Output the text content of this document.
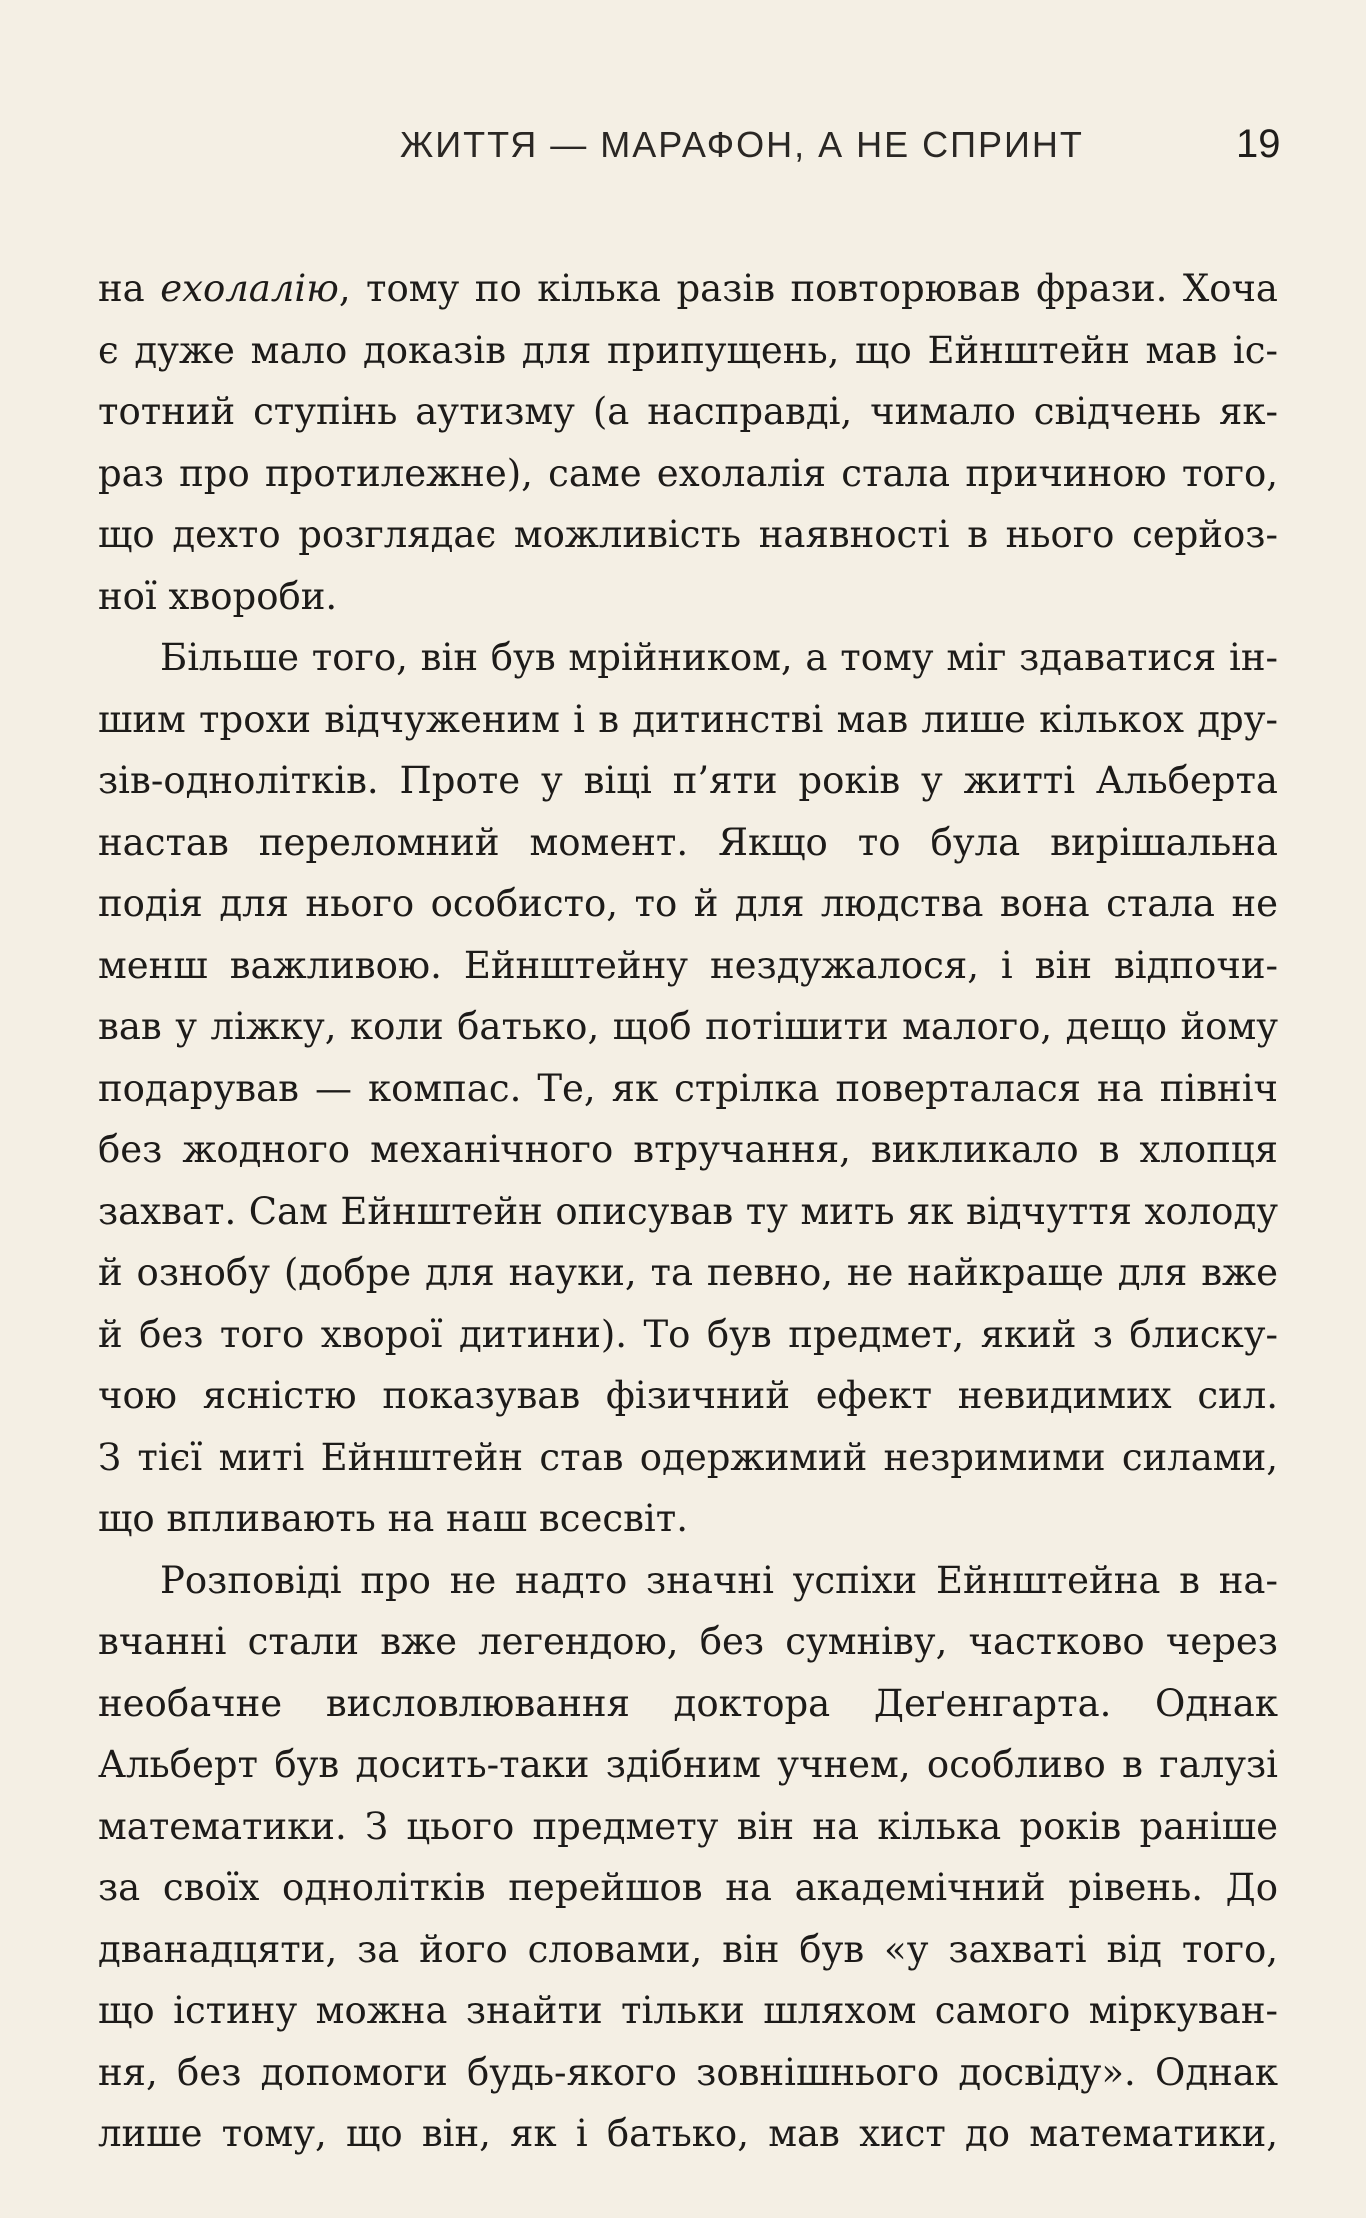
ЖИТТЯ — МАРАФОН, А НЕ СПРИНТ	19
на ехолалію, тому по кілька разів повторював фрази. Хоча
є дуже мало доказів для припущень, що Ейнштейн мав іс-
тотний ступінь аутизму (а насправді, чимало свідчень як-
раз про протилежне), саме ехолалія стала причиною того,
що дехто розглядає можливість наявності в нього серйоз-
ної хвороби.
Більше того, він був мрійником, а тому міг здаватися ін-
шим трохи відчуженим і в дитинстві мав лише кількох дру-
зів-однолітків. Проте у віці п’яти років у житті Альберта
настав переломний момент. Якщо то була вирішальна
подія для нього особисто, то й для людства вона стала не
менш важливою. Ейнштейну нездужалося, і він відпочи-
вав у ліжку, коли батько, щоб потішити малого, дещо йому
подарував — компас. Те, як стрілка поверталася на північ
без жодного механічного втручання, викликало в хлопця
захват. Сам Ейнштейн описував ту мить як відчуття холоду
й ознобу (добре для науки, та певно, не найкраще для вже
й без того хворої дитини). То був предмет, який з блиску-
чою ясністю показував фізичний ефект невидимих сил.
З тієї миті Ейнштейн став одержимий незримими силами,
що впливають на наш всесвіт.
Розповіді про не надто значні успіхи Ейнштейна в на-
вчанні стали вже легендою, без сумніву, частково через
необачне висловлювання доктора Деґенгарта. Однак
Альберт був досить-таки здібним учнем, особливо в галузі
математики. З цього предмету він на кілька років раніше
за своїх однолітків перейшов на академічний рівень. До
дванадцяти, за його словами, він був «у захваті від того,
що істину можна знайти тільки шляхом самого міркуван-
ня, без допомоги будь-якого зовнішнього досвіду». Однак
лише тому, що він, як і батько, мав хист до математики,
